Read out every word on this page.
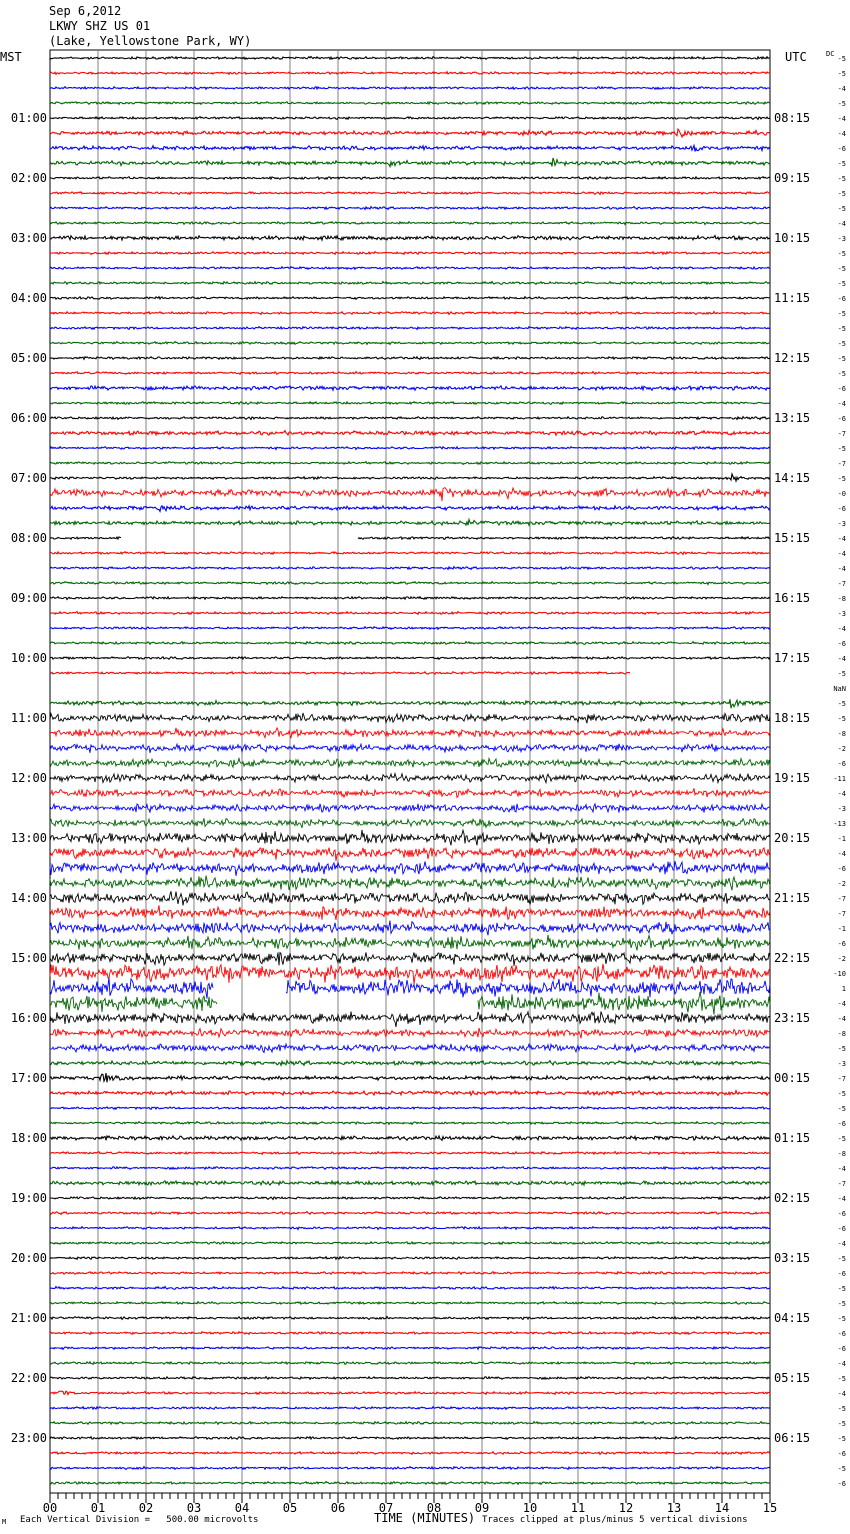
Sep 6,2012
LKWY SHZ US 01
(Lake, Yellowstone Park, WY)
MST	UTC
01:00
02:00
03:00
04:00
05:00
06:00
07:00
08:00
09:00
10:00
11:00
12:00
13:00
14:00
15:00
16:00
17:00
18:00
19:00
20:00
21:00
22:00
23:00
08:15
09:15
10:15
11:15
12:15
13:15
14:15
15:15
16:15
17:15
18:15
19:15
20:15
21:15
22:15
23:15
00:15
01:15
02:15
03:15
04:15
05:15
06:15
DC
-5
-5
-4
-5
-4
-4
-6
-5
-5
-5
-5
-4
-3
-5
-5
-5
-6
-5
-5
-5
-5
-5
-6
-4
-6
-7
-5
-7
-5
-0
-6
-3
-4
-4
-4
-7
-8
-3
-4
-6
-4
-5
NaN
-5
-5
-8
-2
-6
-11
-4
-3
-13
-1
-4
-6
-2
-7
-7
-1
-6
-2
-10
1
-4
-4
-8
-5
-3
-7
-5
-5
-6
-5
-8
-4
-7
-4
-6
-6
-4
-5
-6
-5
-5
-5
-6
-6
-4
-5
-4
-5
-5
-5
-6
-5
-6
00	01	02	03	04	05	06	07	08	09	10	11	12	13	14	15
Each Vertical Division =   500.00 microvolts	TIME (MINUTES) Traces clipped at plus/minus 5 vertical divisions
M
